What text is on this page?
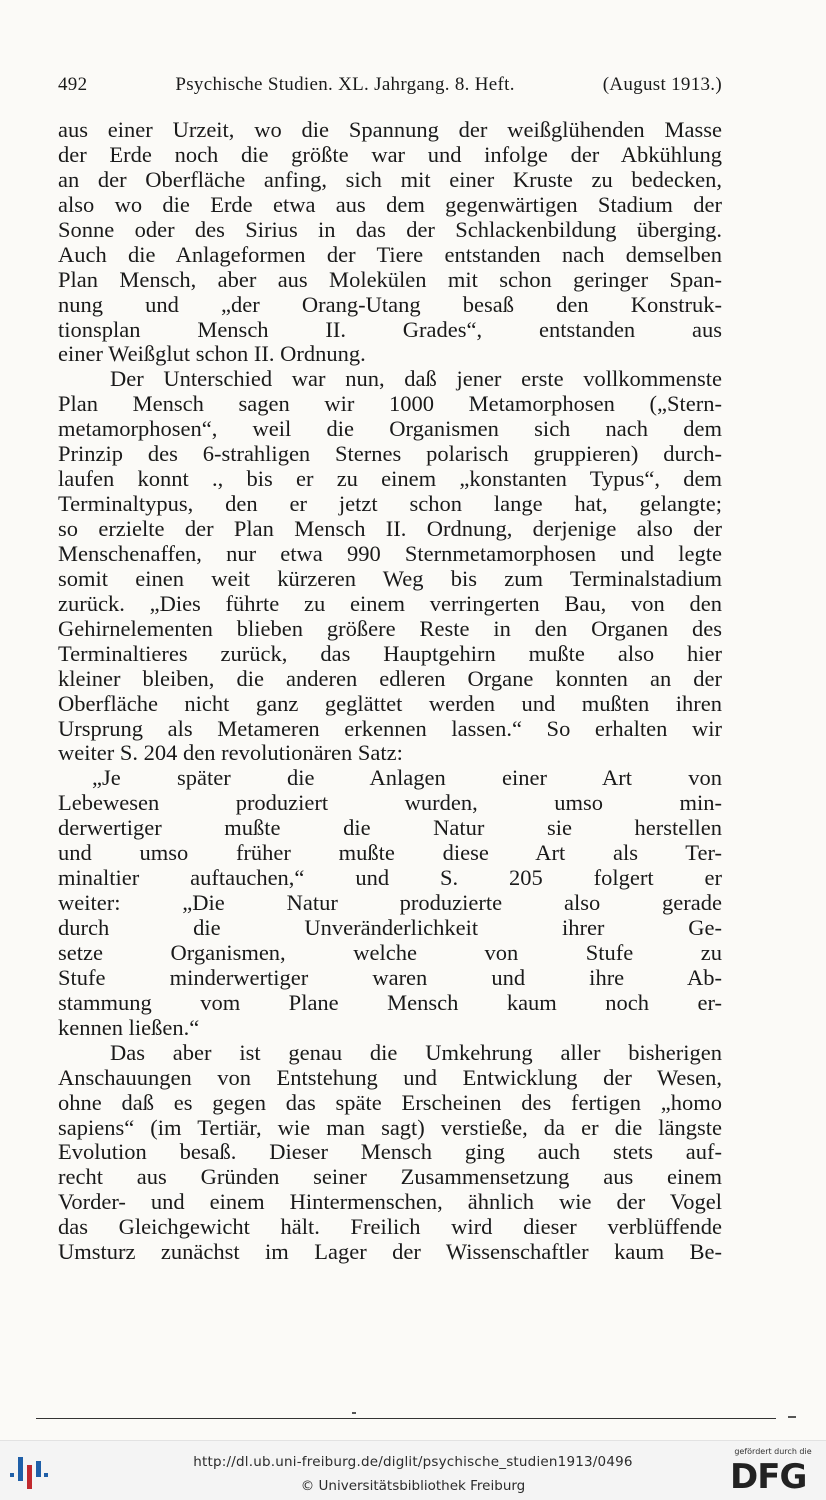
492	Psychische Studien. XL. Jahrgang. 8. Heft.	(August 1913.)
aus einer Urzeit, wo die Spannung der weißglühenden Masse
der Erde noch die größte war und infolge der Abkühlung
an der Oberfläche anfing, sich mit einer Kruste zu bedecken,
also wo die Erde etwa aus dem gegenwärtigen Stadium der
Sonne oder des Sirius in das der Schlackenbildung überging.
Auch die Anlageformen der Tiere entstanden nach demselben
Plan Mensch, aber aus Molekülen mit schon geringer Span-
nung und „der Orang-Utang besaß den Konstruk-
tionsplan Mensch II. Grades“, entstanden aus
einer Weißglut schon II. Ordnung.
Der Unterschied war nun, daß jener erste vollkommenste
Plan Mensch sagen wir 1000 Metamorphosen („Stern-
metamorphosen“, weil die Organismen sich nach dem
Prinzip des 6-strahligen Sternes polarisch gruppieren) durch-
laufen konnt ., bis er zu einem „konstanten Typus“, dem
Terminaltypus, den er jetzt schon lange hat, gelangte;
so erzielte der Plan Mensch II. Ordnung, derjenige also der
Menschenaffen, nur etwa 990 Sternmetamorphosen und legte
somit einen weit kürzeren Weg bis zum Terminalstadium
zurück. „Dies führte zu einem verringerten Bau, von den
Gehirnelementen blieben größere Reste in den Organen des
Terminaltieres zurück, das Hauptgehirn mußte also hier
kleiner bleiben, die anderen edleren Organe konnten an der
Oberfläche nicht ganz geglättet werden und mußten ihren
Ursprung als Metameren erkennen lassen.“ So erhalten wir
weiter S. 204 den revolutionären Satz:
„Je später die Anlagen einer Art von
Lebewesen produziert wurden, umso min-
derwertiger mußte die Natur sie herstellen
und umso früher mußte diese Art als Ter-
minaltier auftauchen,“ und S. 205 folgert er
weiter: „Die Natur produzierte also gerade
durch die Unveränderlichkeit ihrer Ge-
setze Organismen, welche von Stufe zu
Stufe minderwertiger waren und ihre Ab-
stammung vom Plane Mensch kaum noch er-
kennen ließen.“
Das aber ist genau die Umkehrung aller bisherigen
Anschauungen von Entstehung und Entwicklung der Wesen,
ohne daß es gegen das späte Erscheinen des fertigen „homo
sapiens“ (im Tertiär, wie man sagt) verstieße, da er die längste
Evolution besaß. Dieser Mensch ging auch stets auf-
recht aus Gründen seiner Zusammensetzung aus einem
Vorder- und einem Hintermenschen, ähnlich wie der Vogel
das Gleichgewicht hält. Freilich wird dieser verblüffende
Umsturz zunächst im Lager der Wissenschaftler kaum Be-
http://dl.ub.uni-freiburg.de/diglit/psychische_studien1913/0496
© Universitätsbibliothek Freiburg
gefördert durch die
DFG
